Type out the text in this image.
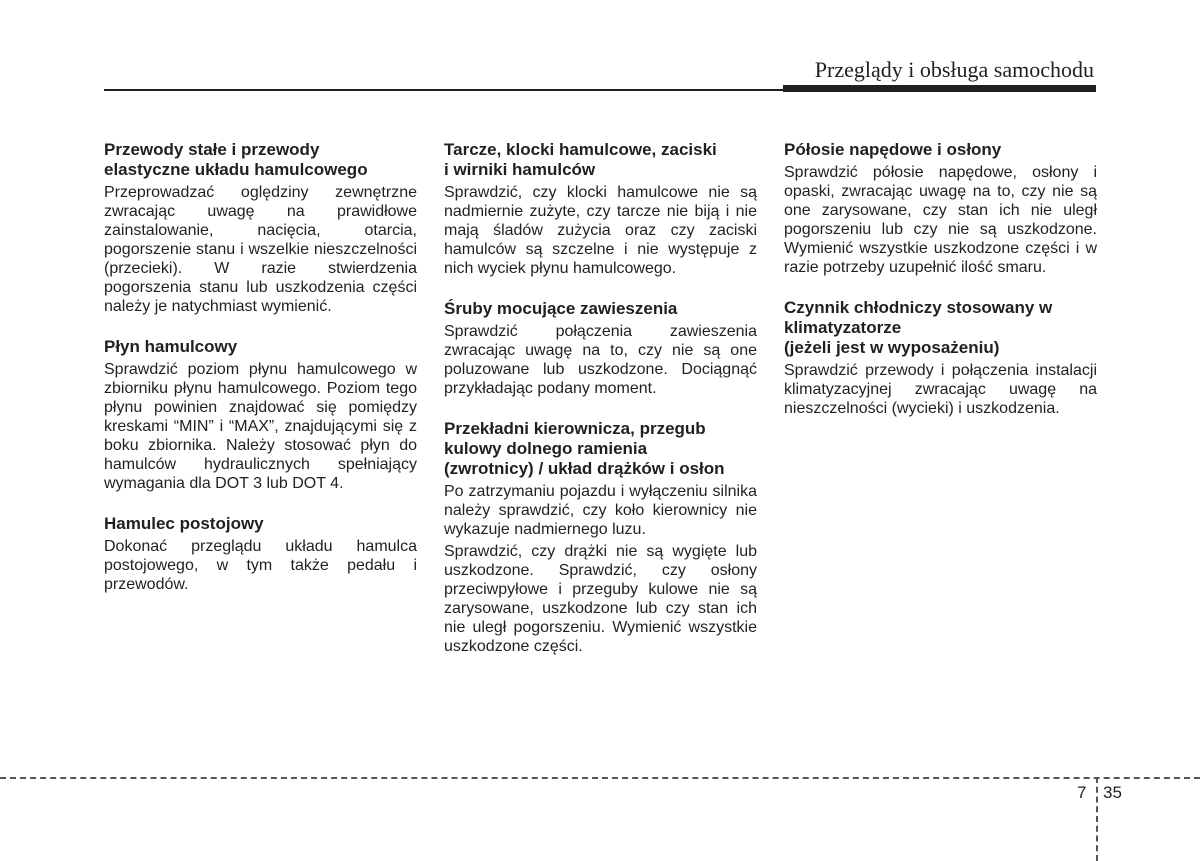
Przeglądy i obsługa samochodu
Przewody stałe i przewody
elastyczne układu hamulcowego

Przeprowadzać oględziny zewnętrzne zwracając uwagę na prawidłowe zainstalowanie, nacięcia, otarcia, pogorszenie stanu i wszelkie nieszczelności (przecieki). W razie stwierdzenia pogorszenia stanu lub uszkodzenia części należy je natychmiast wymienić.

Płyn hamulcowy

Sprawdzić poziom płynu hamulcowego w zbiorniku płynu hamulcowego. Poziom tego płynu powinien znajdować się pomiędzy kreskami “MIN” i “MAX”, znajdującymi się z boku zbiornika. Należy stosować płyn do hamulców hydraulicznych spełniający wymagania dla DOT 3 lub DOT 4.

Hamulec postojowy

Dokonać przeglądu układu hamulca postojowego, w tym także pedału i przewodów.

Tarcze, klocki hamulcowe, zaciski
i wirniki hamulców

Sprawdzić, czy klocki hamulcowe nie są nadmiernie zużyte, czy tarcze nie biją i nie mają śladów zużycia oraz czy zaciski hamulców są szczelne i nie występuje z nich wyciek płynu hamulcowego.

Śruby mocujące zawieszenia

Sprawdzić połączenia zawieszenia zwracając uwagę na to, czy nie są one poluzowane lub uszkodzone. Dociągnąć przykładając podany moment.

Przekładni kierownicza, przegub
kulowy dolnego ramienia
(zwrotnicy) / układ drążków i osłon

Po zatrzymaniu pojazdu i wyłączeniu silnika należy sprawdzić, czy koło kierownicy nie wykazuje nadmiernego luzu.

Sprawdzić, czy drążki nie są wygięte lub uszkodzone. Sprawdzić, czy osłony przeciwpyłowe i przeguby kulowe nie są zarysowane, uszkodzone lub czy stan ich nie uległ pogorszeniu. Wymienić wszystkie uszkodzone części.

Półosie napędowe i osłony

Sprawdzić półosie napędowe, osłony i opaski, zwracając uwagę na to, czy nie są one zarysowane, czy stan ich nie uległ pogorszeniu lub czy nie są uszkodzone. Wymienić wszystkie uszkodzone części i w razie potrzeby uzupełnić ilość smaru.

Czynnik chłodniczy stosowany w
klimatyzatorze
(jeżeli jest w wyposażeniu)

Sprawdzić przewody i połączenia instalacji klimatyzacyjnej zwracając uwagę na nieszczelności (wycieki) i uszkodzenia.

7 35
